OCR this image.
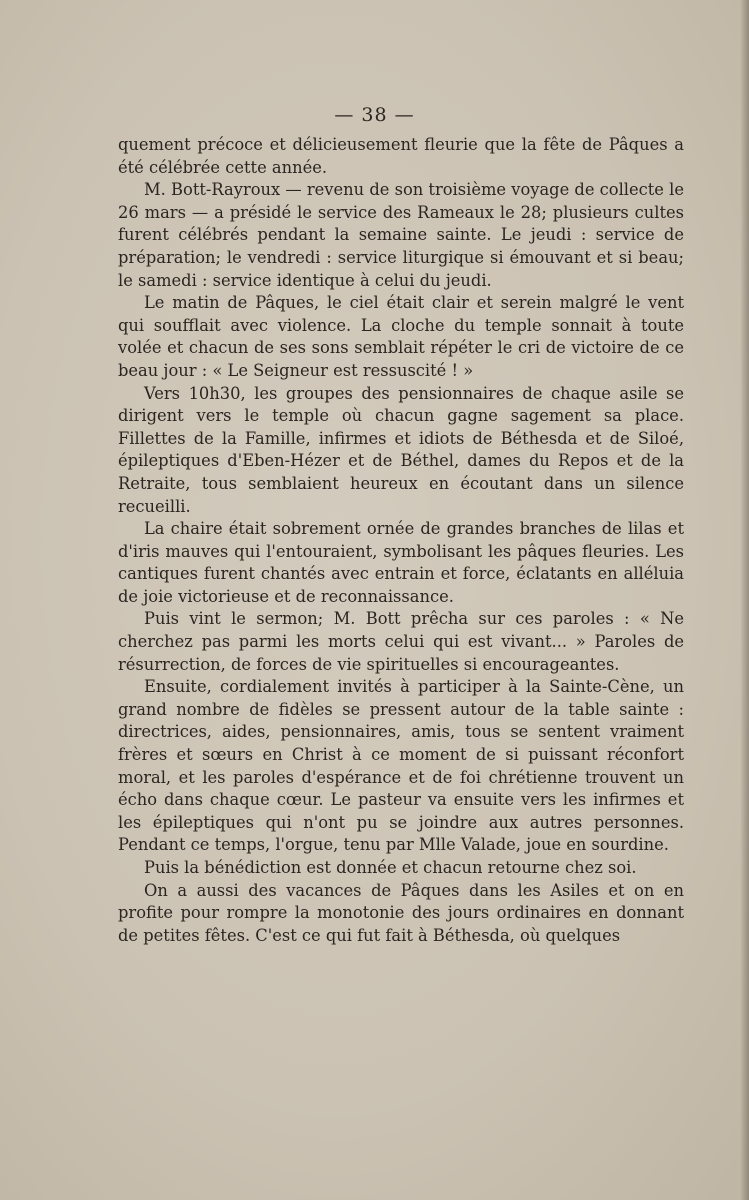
— 38 —

quement précoce et délicieusement fleurie que la fête de Pâques a été célébrée cette année.

M. Bott-Rayroux — revenu de son troisième voyage de collecte le 26 mars — a présidé le service des Rameaux le 28; plusieurs cultes furent célébrés pendant la semaine sainte. Le jeudi : service de préparation; le vendredi : service liturgique si émouvant et si beau; le samedi : service identique à celui du jeudi.

Le matin de Pâques, le ciel était clair et serein malgré le vent qui soufflait avec violence. La cloche du temple sonnait à toute volée et chacun de ses sons semblait répéter le cri de victoire de ce beau jour : « Le Seigneur est ressuscité ! »

Vers 10h30, les groupes des pensionnaires de chaque asile se dirigent vers le temple où chacun gagne sagement sa place. Fillettes de la Famille, infirmes et idiots de Béthesda et de Siloé, épileptiques d'Eben-Hézer et de Béthel, dames du Repos et de la Retraite, tous semblaient heureux en écoutant dans un silence recueilli.

La chaire était sobrement ornée de grandes branches de lilas et d'iris mauves qui l'entouraient, symbolisant les pâques fleuries. Les cantiques furent chantés avec entrain et force, éclatants en alléluia de joie victorieuse et de reconnaissance.

Puis vint le sermon; M. Bott prêcha sur ces paroles : « Ne cherchez pas parmi les morts celui qui est vivant... » Paroles de résurrection, de forces de vie spirituelles si encourageantes.

Ensuite, cordialement invités à participer à la Sainte-Cène, un grand nombre de fidèles se pressent autour de la table sainte : directrices, aides, pensionnaires, amis, tous se sentent vraiment frères et sœurs en Christ à ce moment de si puissant réconfort moral, et les paroles d'espérance et de foi chrétienne trouvent un écho dans chaque cœur. Le pasteur va ensuite vers les infirmes et les épileptiques qui n'ont pu se joindre aux autres personnes. Pendant ce temps, l'orgue, tenu par Mlle Valade, joue en sourdine.

Puis la bénédiction est donnée et chacun retourne chez soi.

On a aussi des vacances de Pâques dans les Asiles et on en profite pour rompre la monotonie des jours ordinaires en donnant de petites fêtes. C'est ce qui fut fait à Béthesda, où quelques
